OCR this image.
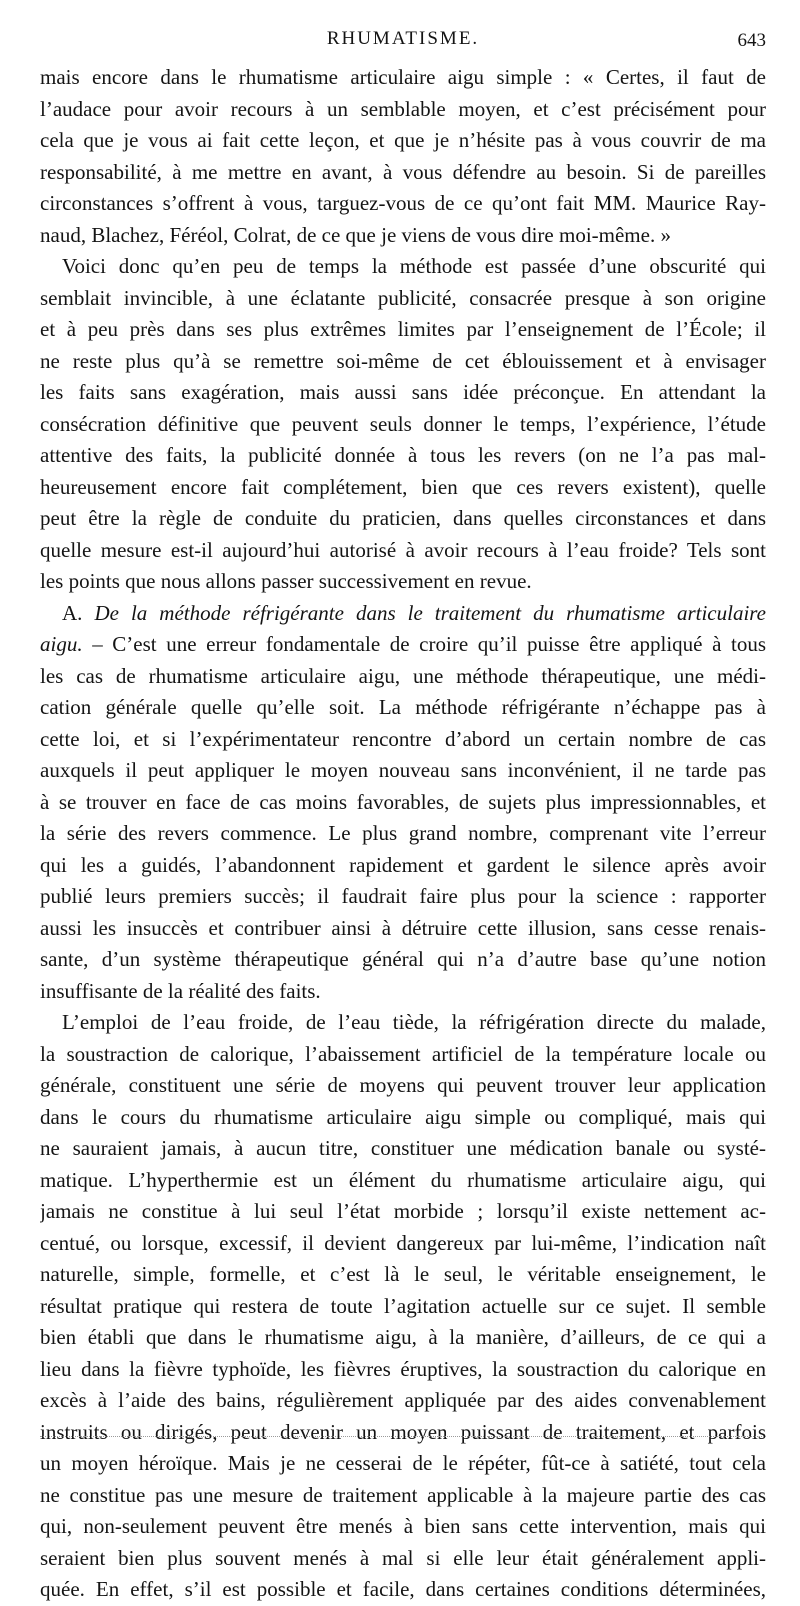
RHUMATISME.	643
mais encore dans le rhumatisme articulaire aigu simple : « Certes, il faut de
l’audace pour avoir recours à un semblable moyen, et c’est précisément pour
cela que je vous ai fait cette leçon, et que je n’hésite pas à vous couvrir de ma
responsabilité, à me mettre en avant, à vous défendre au besoin. Si de pareilles
circonstances s’offrent à vous, targuez-vous de ce qu’ont fait MM. Maurice Ray-
naud, Blachez, Féréol, Colrat, de ce que je viens de vous dire moi-même. »
Voici donc qu’en peu de temps la méthode est passée d’une obscurité qui
semblait invincible, à une éclatante publicité, consacrée presque à son origine
et à peu près dans ses plus extrêmes limites par l’enseignement de l’École; il
ne reste plus qu’à se remettre soi-même de cet éblouissement et à envisager
les faits sans exagération, mais aussi sans idée préconçue. En attendant la
consécration définitive que peuvent seuls donner le temps, l’expérience, l’étude
attentive des faits, la publicité donnée à tous les revers (on ne l’a pas mal-
heureusement encore fait complétement, bien que ces revers existent), quelle
peut être la règle de conduite du praticien, dans quelles circonstances et dans
quelle mesure est-il aujourd’hui autorisé à avoir recours à l’eau froide? Tels sont
les points que nous allons passer successivement en revue.
A. De la méthode réfrigérante dans le traitement du rhumatisme articulaire
aigu. – C’est une erreur fondamentale de croire qu’il puisse être appliqué à tous
les cas de rhumatisme articulaire aigu, une méthode thérapeutique, une médi-
cation générale quelle qu’elle soit. La méthode réfrigérante n’échappe pas à
cette loi, et si l’expérimentateur rencontre d’abord un certain nombre de cas
auxquels il peut appliquer le moyen nouveau sans inconvénient, il ne tarde pas
à se trouver en face de cas moins favorables, de sujets plus impressionnables, et
la série des revers commence. Le plus grand nombre, comprenant vite l’erreur
qui les a guidés, l’abandonnent rapidement et gardent le silence après avoir
publié leurs premiers succès; il faudrait faire plus pour la science : rapporter
aussi les insuccès et contribuer ainsi à détruire cette illusion, sans cesse renais-
sante, d’un système thérapeutique général qui n’a d’autre base qu’une notion
insuffisante de la réalité des faits.
L’emploi de l’eau froide, de l’eau tiède, la réfrigération directe du malade,
la soustraction de calorique, l’abaissement artificiel de la température locale ou
générale, constituent une série de moyens qui peuvent trouver leur application
dans le cours du rhumatisme articulaire aigu simple ou compliqué, mais qui
ne sauraient jamais, à aucun titre, constituer une médication banale ou systé-
matique. L’hyperthermie est un élément du rhumatisme articulaire aigu, qui
jamais ne constitue à lui seul l’état morbide ; lorsqu’il existe nettement ac-
centué, ou lorsque, excessif, il devient dangereux par lui-même, l’indication naît
naturelle, simple, formelle, et c’est là le seul, le véritable enseignement, le
résultat pratique qui restera de toute l’agitation actuelle sur ce sujet. Il semble
bien établi que dans le rhumatisme aigu, à la manière, d’ailleurs, de ce qui a
lieu dans la fièvre typhoïde, les fièvres éruptives, la soustraction du calorique en
excès à l’aide des bains, régulièrement appliquée par des aides convenablement
instruits ou dirigés, peut devenir un moyen puissant de traitement, et parfois
un moyen héroïque. Mais je ne cesserai de le répéter, fût-ce à satiété, tout cela
ne constitue pas une mesure de traitement applicable à la majeure partie des cas
qui, non-seulement peuvent être menés à bien sans cette intervention, mais qui
seraient bien plus souvent menés à mal si elle leur était généralement appli-
quée. En effet, s’il est possible et facile, dans certaines conditions déterminées,
